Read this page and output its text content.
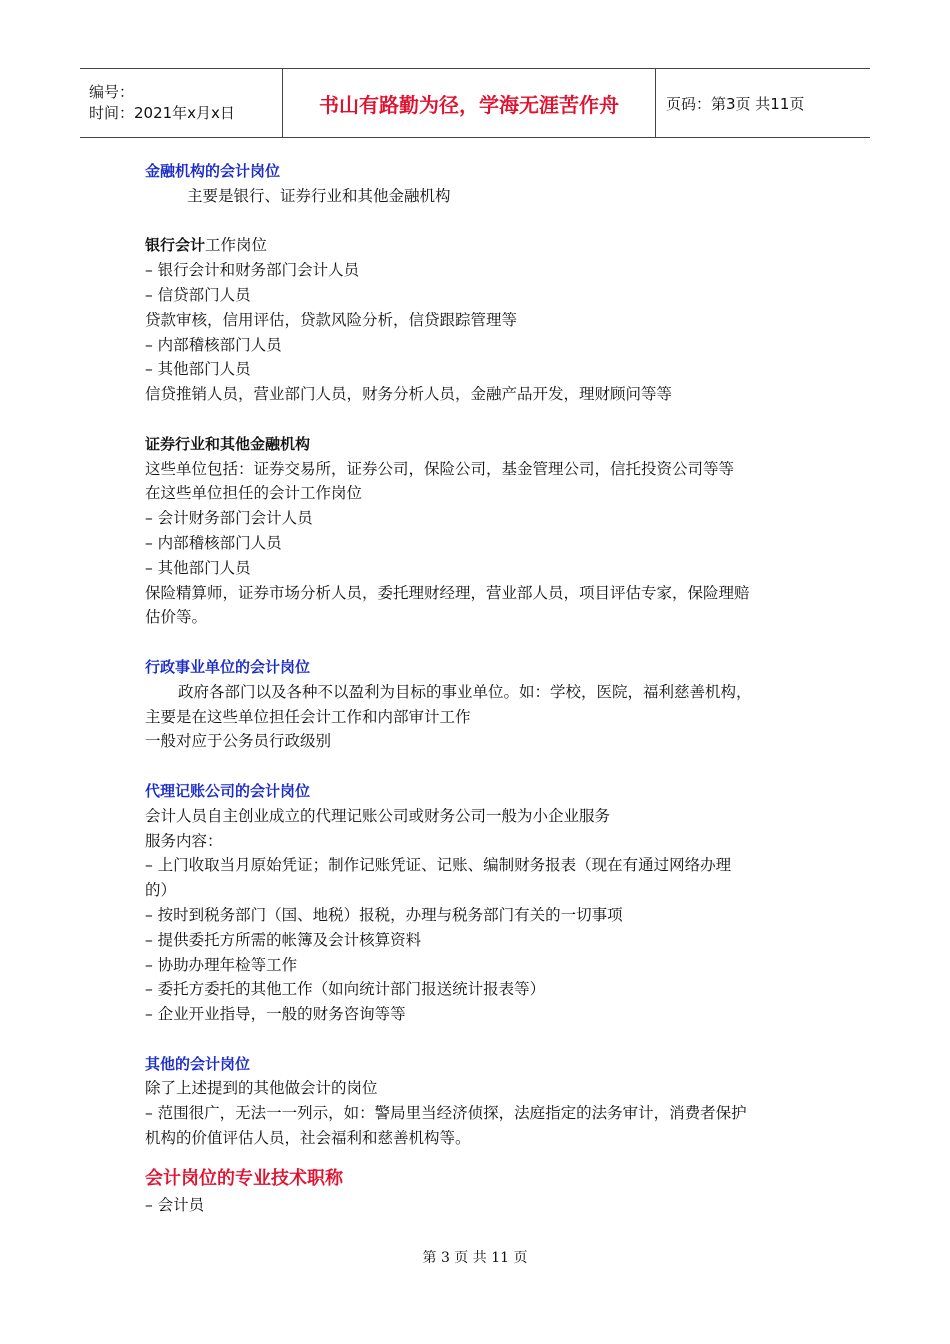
编号：
时间：2021年x月x日	书山有路勤为径，学海无涯苦作舟	页码：第3页 共11页
金融机构的会计岗位
主要是银行、证券行业和其他金融机构
银行会计工作岗位
– 银行会计和财务部门会计人员
– 信贷部门人员
贷款审核，信用评估，贷款风险分析，信贷跟踪管理等
– 内部稽核部门人员
– 其他部门人员
信贷推销人员，营业部门人员，财务分析人员，金融产品开发，理财顾问等等
证券行业和其他金融机构
这些单位包括：证券交易所，证券公司，保险公司，基金管理公司，信托投资公司等等
在这些单位担任的会计工作岗位
– 会计财务部门会计人员
– 内部稽核部门人员
– 其他部门人员
保险精算师，证券市场分析人员，委托理财经理，营业部人员，项目评估专家，保险理赔
估价等。
行政事业单位的会计岗位
政府各部门以及各种不以盈利为目标的事业单位。如：学校，医院，福利慈善机构，
主要是在这些单位担任会计工作和内部审计工作
一般对应于公务员行政级别
代理记账公司的会计岗位
会计人员自主创业成立的代理记账公司或财务公司一般为小企业服务
服务内容：
– 上门收取当月原始凭证；制作记账凭证、记账、编制财务报表（现在有通过网络办理
的）
– 按时到税务部门（国、地税）报税，办理与税务部门有关的一切事项
– 提供委托方所需的帐簿及会计核算资料
– 协助办理年检等工作
– 委托方委托的其他工作（如向统计部门报送统计报表等）
– 企业开业指导，一般的财务咨询等等
其他的会计岗位
除了上述提到的其他做会计的岗位
– 范围很广，无法一一列示，如：警局里当经济侦探，法庭指定的法务审计，消费者保护
机构的价值评估人员，社会福利和慈善机构等。
会计岗位的专业技术职称
– 会计员
第 3 页 共 11 页
